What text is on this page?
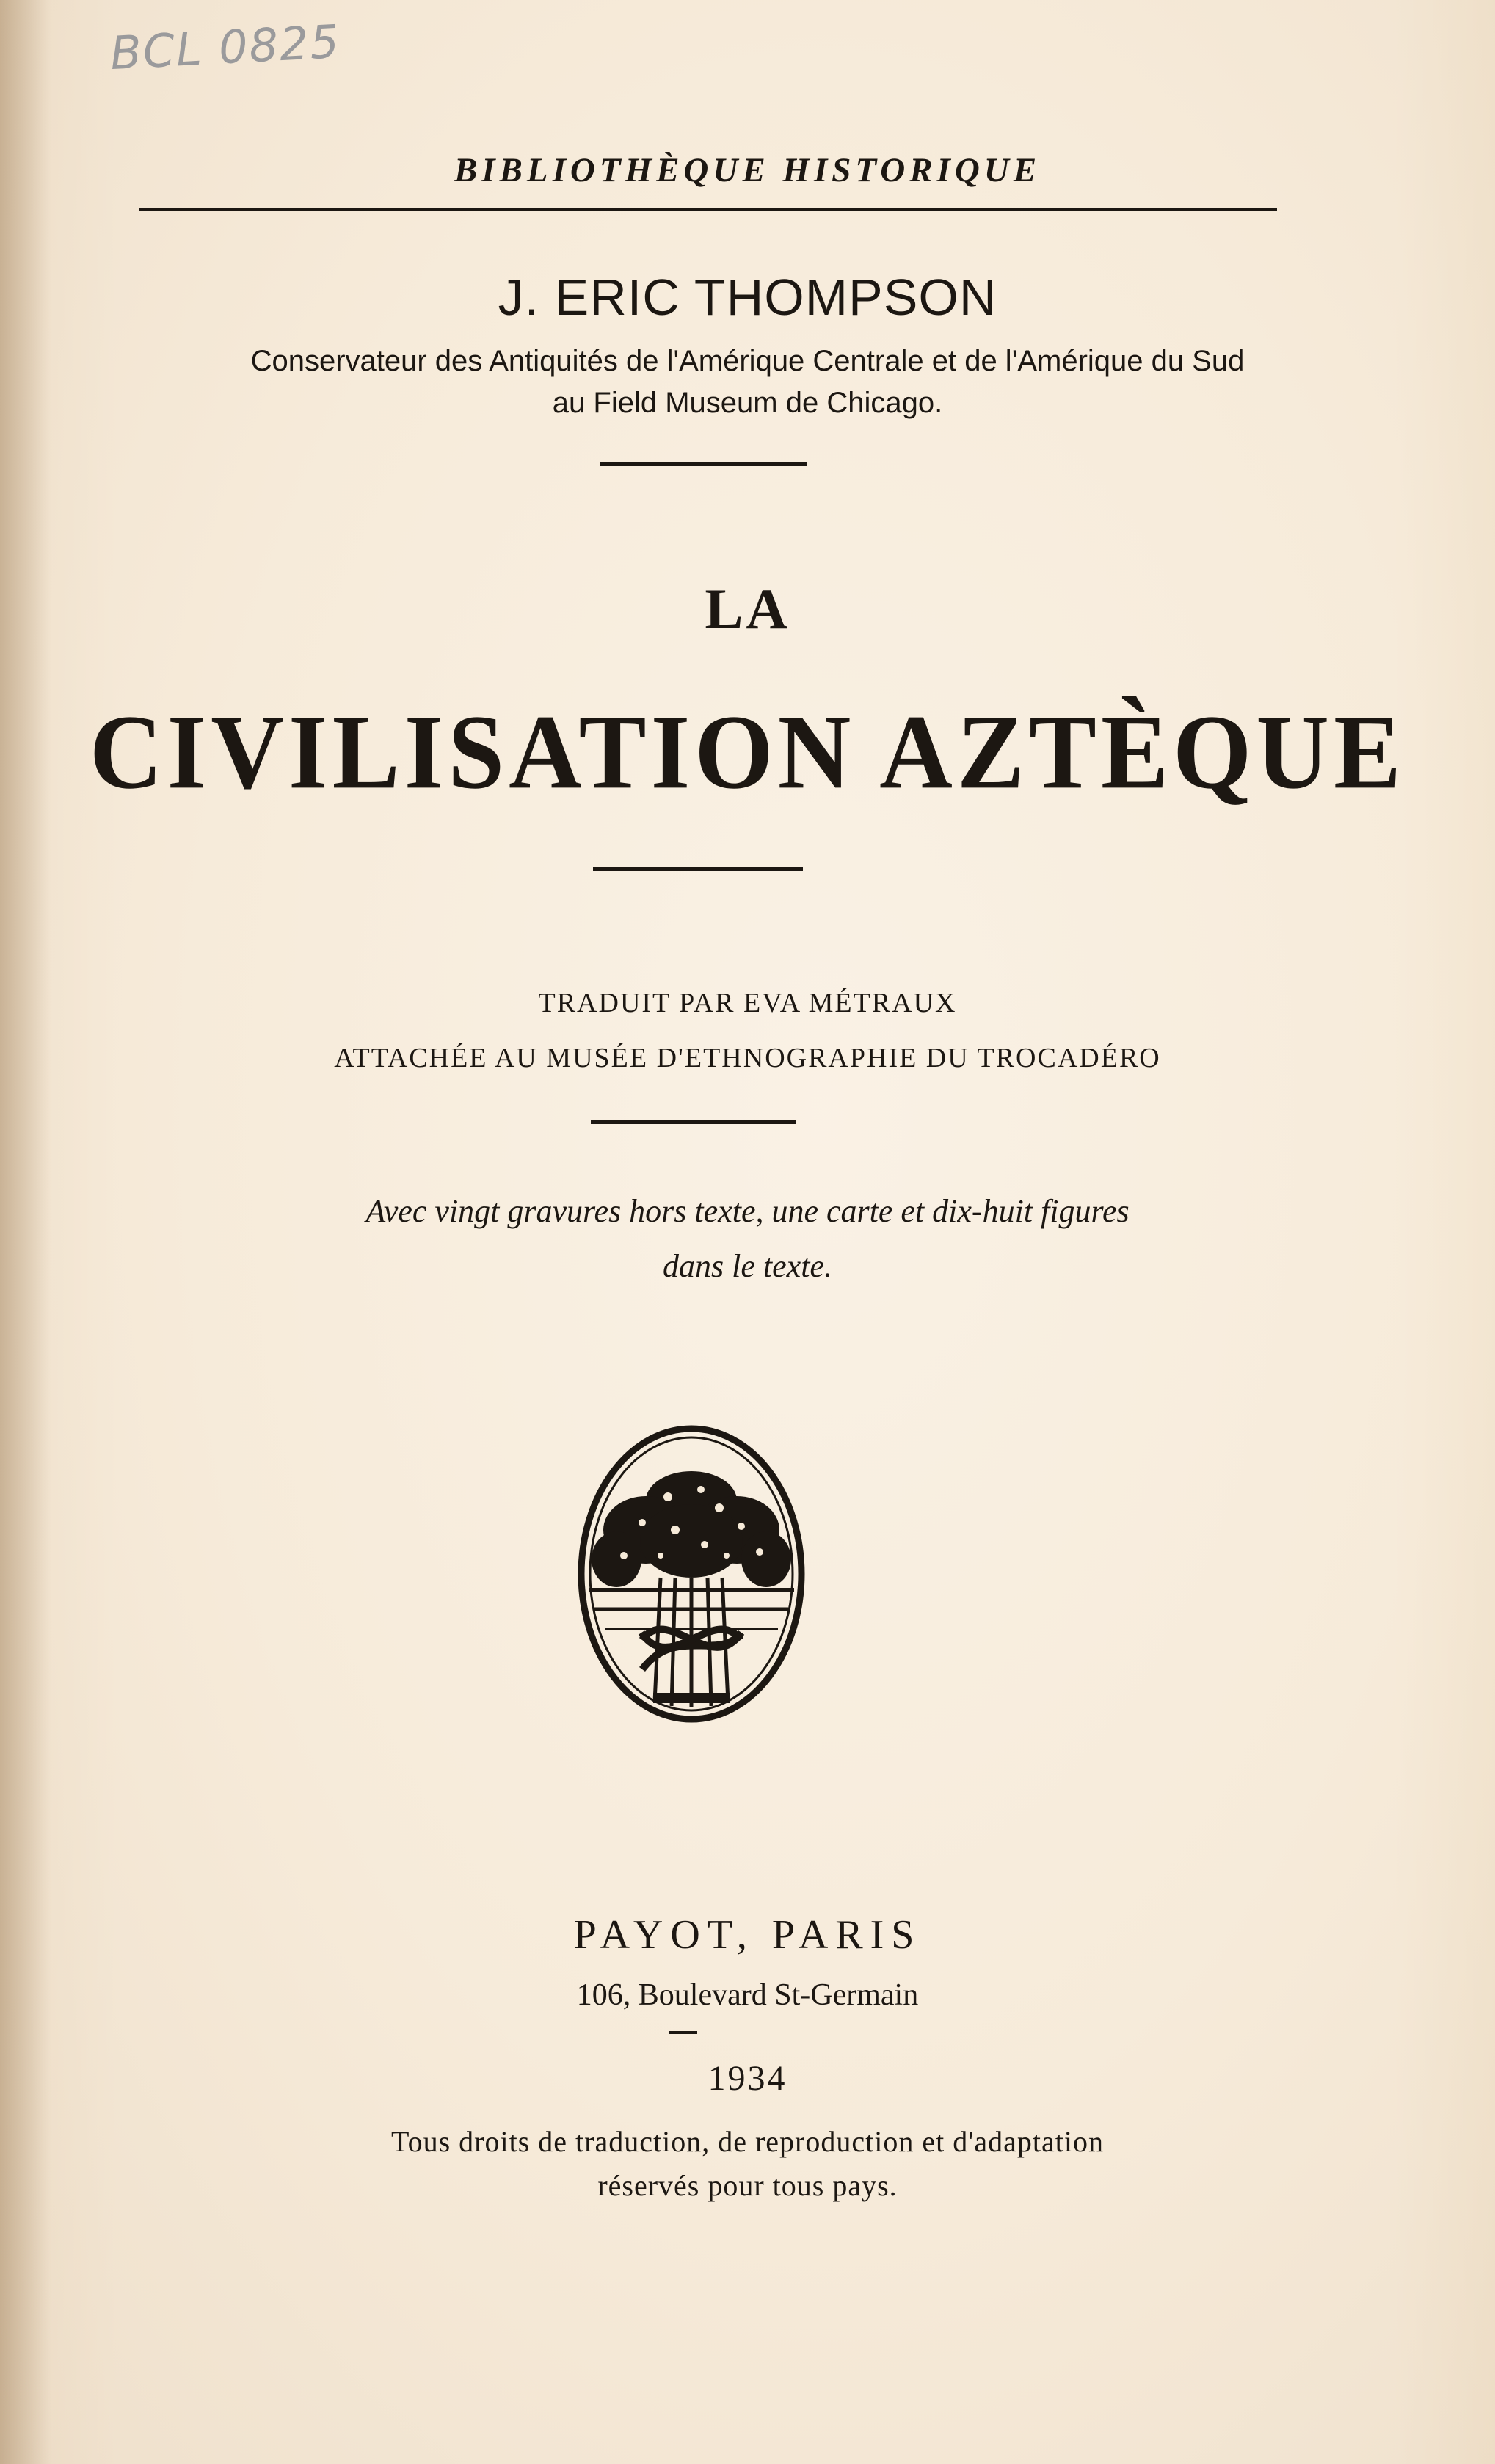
BCL 0825
BIBLIOTHÈQUE HISTORIQUE
J. ERIC THOMPSON
Conservateur des Antiquités de l'Amérique Centrale et de l'Amérique du Sud
au Field Museum de Chicago.
LA
CIVILISATION AZTÈQUE
TRADUIT PAR EVA MÉTRAUX
ATTACHÉE AU MUSÉE D'ETHNOGRAPHIE DU TROCADÉRO
Avec vingt gravures hors texte, une carte et dix-huit figures
dans le texte.
PAYOT, PARIS
106, Boulevard St-Germain
1934
Tous droits de traduction, de reproduction et d'adaptation
réservés pour tous pays.
